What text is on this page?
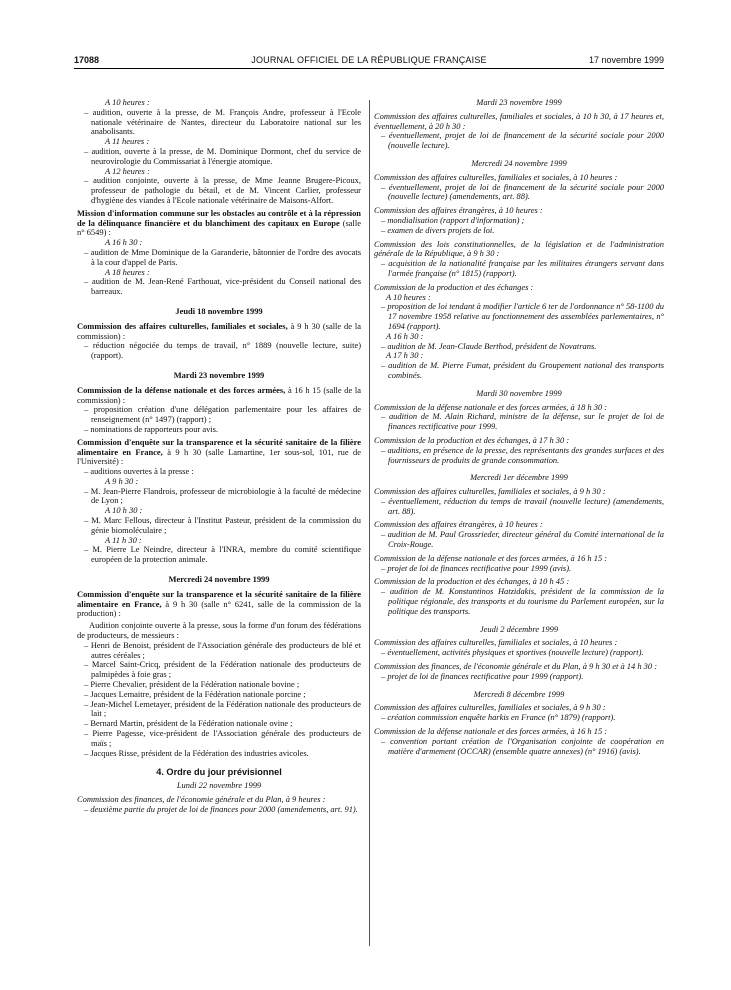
17088	JOURNAL OFFICIEL DE LA RÉPUBLIQUE FRANÇAISE	17 novembre 1999

A 10 heures :

– audition, ouverte à la presse, de M. François Andre, professeur à l'Ecole nationale vétérinaire de Nantes, directeur du Laboratoire national sur les anabolisants.

A 11 heures :

– audition, ouverte à la presse, de M. Dominique Dormont, chef du service de neurovirologie du Commissariat à l'énergie atomique.

A 12 heures :

– audition conjointe, ouverte à la presse, de Mme Jeanne Brugere-Picoux, professeur de pathologie du bétail, et de M. Vincent Carlier, professeur d'hygiène des viandes à l'Ecole nationale vétérinaire de Maisons-Alfort.

Mission d'information commune sur les obstacles au contrôle et à la répression de la délinquance financière et du blanchiment des capitaux en Europe (salle n° 6549) :

A 16 h 30 :

– audition de Mme Dominique de la Garanderie, bâtonnier de l'ordre des avocats à la cour d'appel de Paris.

A 18 heures :

– audition de M. Jean-René Farthouat, vice-président du Conseil national des barreaux.

Jeudi 18 novembre 1999

Commission des affaires culturelles, familiales et sociales, à 9 h 30 (salle de la commission) :

– réduction négociée du temps de travail, n° 1889 (nouvelle lecture, suite) (rapport).

Mardi 23 novembre 1999

Commission de la défense nationale et des forces armées, à 16 h 15 (salle de la commission) :

– proposition création d'une délégation parlementaire pour les affaires de renseignement (n° 1497) (rapport) ;

– nominations de rapporteurs pour avis.

Commission d'enquête sur la transparence et la sécurité sanitaire de la filière alimentaire en France, à 9 h 30 (salle Lamartine, 1er sous-sol, 101, rue de l'Université) :

– auditions ouvertes à la presse :

A 9 h 30 :

– M. Jean-Pierre Flandrois, professeur de microbiologie à la faculté de médecine de Lyon ;

A 10 h 30 :

– M. Marc Fellous, directeur à l'Institut Pasteur, président de la commission du génie biomoléculaire ;

A 11 h 30 :

– M. Pierre Le Neindre, directeur à l'INRA, membre du comité scientifique européen de la protection animale.

Mercredi 24 novembre 1999

Commission d'enquête sur la transparence et la sécurité sanitaire de la filière alimentaire en France, à 9 h 30 (salle n° 6241, salle de la commission de la production) :

Audition conjointe ouverte à la presse, sous la forme d'un forum des fédérations de producteurs, de messieurs :

– Henri de Benoist, président de l'Association générale des producteurs de blé et autres céréales ;

– Marcel Saint-Cricq, président de la Fédération nationale des producteurs de palmipèdes à foie gras ;

– Pierre Chevalier, président de la Fédération nationale bovine ;

– Jacques Lemaitre, président de la Fédération nationale porcine ;

– Jean-Michel Lemetayer, président de la Fédération nationale des producteurs de lait ;

– Bernard Martin, président de la Fédération nationale ovine ;

– Pierre Pagesse, vice-président de l'Association générale des producteurs de maïs ;

– Jacques Risse, président de la Fédération des industries avicoles.

4. Ordre du jour prévisionnel

Lundi 22 novembre 1999

Commission des finances, de l'économie générale et du Plan, à 9 heures :

– deuxième partie du projet de loi de finances pour 2000 (amendements, art. 91).

Mardi 23 novembre 1999

Commission des affaires culturelles, familiales et sociales, à 10 h 30, à 17 heures et, éventuellement, à 20 h 30 :

– éventuellement, projet de loi de financement de la sécurité sociale pour 2000 (nouvelle lecture).

Mercredi 24 novembre 1999

Commission des affaires culturelles, familiales et sociales, à 10 heures :

– éventuellement, projet de loi de financement de la sécurité sociale pour 2000 (nouvelle lecture) (amendements, art. 88).

Commission des affaires étrangères, à 10 heures :

– mondialisation (rapport d'information) ;

– examen de divers projets de loi.

Commission des lois constitutionnelles, de la législation et de l'administration générale de la République, à 9 h 30 :

– acquisition de la nationalité française par les militaires étrangers servant dans l'armée française (n° 1815) (rapport).

Commission de la production et des échanges :

A 10 heures :

– proposition de loi tendant à modifier l'article 6 ter de l'ordonnance n° 58-1100 du 17 novembre 1958 relative au fonctionnement des assemblées parlementaires, n° 1694 (rapport).

A 16 h 30 :

– audition de M. Jean-Claude Berthod, président de Novatrans.

A 17 h 30 :

– audition de M. Pierre Fumat, président du Groupement national des transports combinés.

Mardi 30 novembre 1999

Commission de la défense nationale et des forces armées, à 18 h 30 :

– audition de M. Alain Richard, ministre de la défense, sur le projet de loi de finances rectificative pour 1999.

Commission de la production et des échanges, à 17 h 30 :

– auditions, en présence de la presse, des représentants des grandes surfaces et des fournisseurs de produits de grande consommation.

Mercredi 1er décembre 1999

Commission des affaires culturelles, familiales et sociales, à 9 h 30 :

– éventuellement, réduction du temps de travail (nouvelle lecture) (amendements, art. 88).

Commission des affaires étrangères, à 10 heures :

– audition de M. Paul Grossrieder, directeur général du Comité international de la Croix-Rouge.

Commission de la défense nationale et des forces armées, à 16 h 15 :

– projet de loi de finances rectificative pour 1999 (avis).

Commission de la production et des échanges, à 10 h 45 :

– audition de M. Konstantinos Hatzidakis, président de la commission de la politique régionale, des transports et du tourisme du Parlement européen, sur la politique des transports.

Jeudi 2 décembre 1999

Commission des affaires culturelles, familiales et sociales, à 10 heures :

– éventuellement, activités physiques et sportives (nouvelle lecture) (rapport).

Commission des finances, de l'économie générale et du Plan, à 9 h 30 et à 14 h 30 :

– projet de loi de finances rectificative pour 1999 (rapport).

Mercredi 8 décembre 1999

Commission des affaires culturelles, familiales et sociales, à 9 h 30 :

– création commission enquête harkis en France (n° 1879) (rapport).

Commission de la défense nationale et des forces armées, à 16 h 15 :

– convention portant création de l'Organisation conjointe de coopération en matière d'armement (OCCAR) (ensemble quatre annexes) (n° 1916) (avis).
